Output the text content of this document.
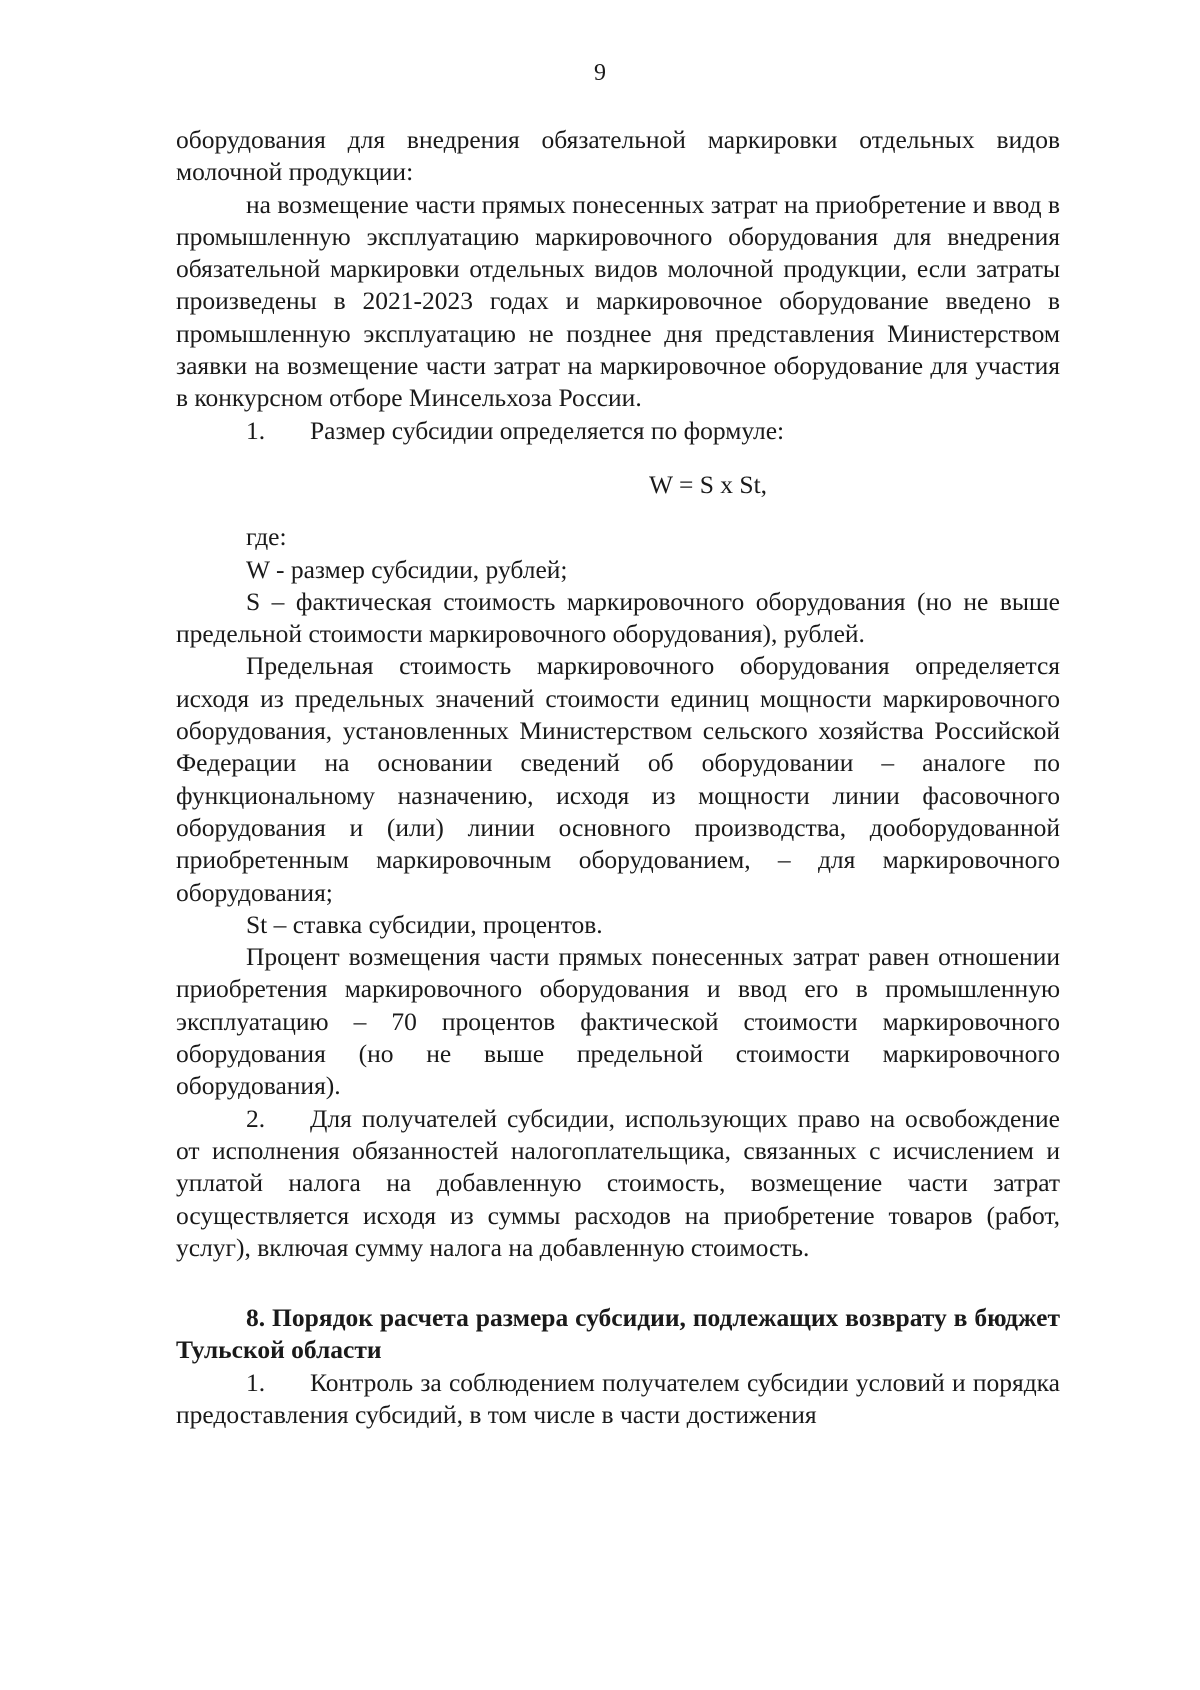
9

оборудования для внедрения обязательной маркировки отдельных видов молочной продукции:

на возмещение части прямых понесенных затрат на приобретение и ввод в промышленную эксплуатацию маркировочного оборудования для внедрения обязательной маркировки отдельных видов молочной продукции, если затраты произведены в 2021-2023 годах и маркировочное оборудование введено в промышленную эксплуатацию не позднее дня представления Министерством заявки на возмещение части затрат на маркировочное оборудование для участия в конкурсном отборе Минсельхоза России.

1. Размер субсидии определяется по формуле:

W = S x St,

где:

W - размер субсидии, рублей;

S – фактическая стоимость маркировочного оборудования (но не выше предельной стоимости маркировочного оборудования), рублей.

Предельная стоимость маркировочного оборудования определяется исходя из предельных значений стоимости единиц мощности маркировочного оборудования, установленных Министерством сельского хозяйства Российской Федерации на основании сведений об оборудовании – аналоге по функциональному назначению, исходя из мощности линии фасовочного оборудования и (или) линии основного производства, дооборудованной приобретенным маркировочным оборудованием, – для маркировочного оборудования;

St – ставка субсидии, процентов.

Процент возмещения части прямых понесенных затрат равен отношении приобретения маркировочного оборудования и ввод его в промышленную эксплуатацию – 70 процентов фактической стоимости маркировочного оборудования (но не выше предельной стоимости маркировочного оборудования).

2. Для получателей субсидии, использующих право на освобождение от исполнения обязанностей налогоплательщика, связанных с исчислением и уплатой налога на добавленную стоимость, возмещение части затрат осуществляется исходя из суммы расходов на приобретение товаров (работ, услуг), включая сумму налога на добавленную стоимость.

8. Порядок расчета размера субсидии, подлежащих возврату в бюджет Тульской области

1. Контроль за соблюдением получателем субсидии условий и порядка предоставления субсидий, в том числе в части достижения
